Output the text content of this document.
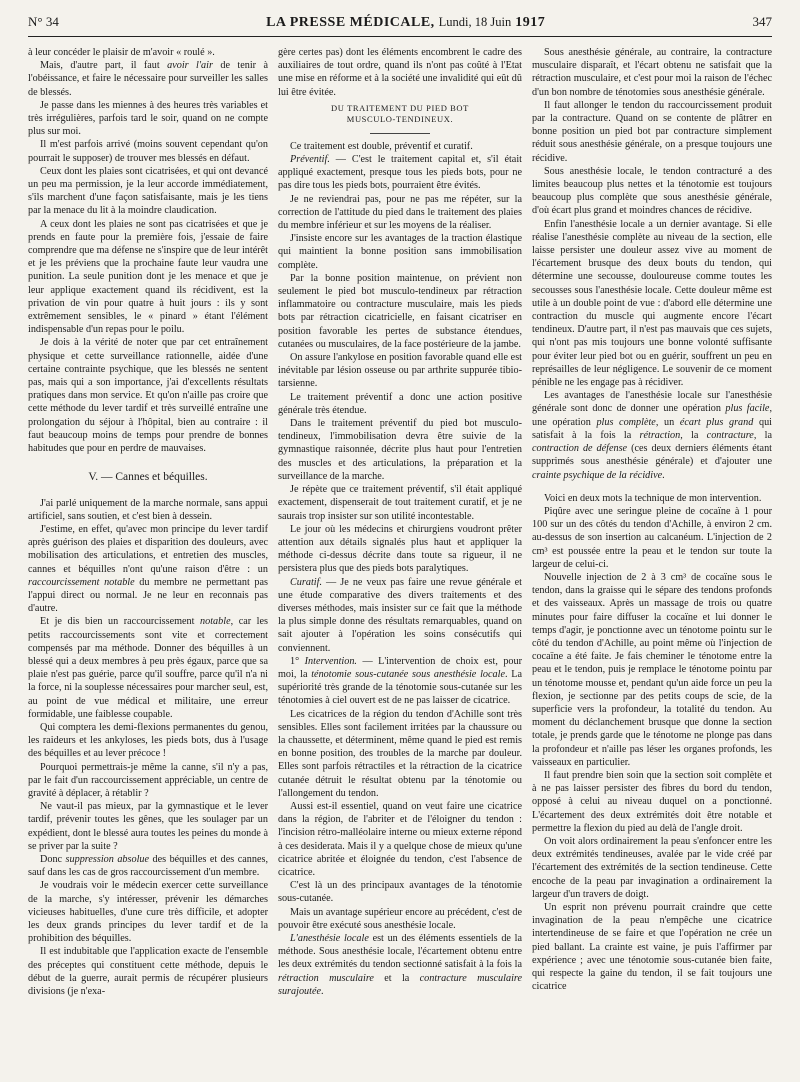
N° 34	LA PRESSE MÉDICALE, Lundi, 18 Juin 1917	347

à leur concéder le plaisir de m'avoir « roulé ».

Mais, d'autre part, il faut avoir l'air de tenir à l'obéissance, et faire le nécessaire pour surveiller les salles de blessés.

Je passe dans les miennes à des heures très variables et très irrégulières, parfois tard le soir, quand on ne compte plus sur moi.

Il m'est parfois arrivé (moins souvent cependant qu'on pourrait le supposer) de trouver mes blessés en défaut.

Ceux dont les plaies sont cicatrisées, et qui ont devancé un peu ma permission, je la leur accorde immédiatement, s'ils marchent d'une façon satisfaisante, mais je les tiens par la menace du lit à la moindre claudication.

A ceux dont les plaies ne sont pas cicatrisées et que je prends en faute pour la première fois, j'essaie de faire comprendre que ma défense ne s'inspire que de leur intérêt et je les préviens que la prochaine faute leur vaudra une punition. La seule punition dont je les menace et que je leur applique exactement quand ils récidivent, est la privation de vin pour quatre à huit jours : ils y sont extrêmement sensibles, le « pinard » étant l'élément indispensable d'un repas pour le poilu.

Je dois à la vérité de noter que par cet entraînement physique et cette surveillance rationnelle, aidée d'une certaine contrainte psychique, que les blessés ne sentent pas, mais qui a son importance, j'ai d'excellents résultats pratiques dans mon service. Et qu'on n'aille pas croire que cette méthode du lever tardif et très surveillé entraîne une prolongation du séjour à l'hôpital, bien au contraire : il faut beaucoup moins de temps pour prendre de bonnes habitudes que pour en perdre de mauvaises.

V. — Cannes et béquilles.

J'ai parlé uniquement de la marche normale, sans appui artificiel, sans soutien, et c'est bien à dessein.

J'estime, en effet, qu'avec mon principe du lever tardif après guérison des plaies et disparition des douleurs, avec mobilisation des articulations, et entretien des muscles, cannes et béquilles n'ont qu'une raison d'être : un raccourcissement notable du membre ne permettant pas l'appui direct ou normal. Je ne leur en reconnais pas d'autre.

Et je dis bien un raccourcissement notable, car les petits raccourcissements sont vite et correctement compensés par ma méthode. Donner des béquilles à un blessé qui a deux membres à peu près égaux, parce que sa plaie n'est pas guérie, parce qu'il souffre, parce qu'il n'a ni la force, ni la souplesse nécessaires pour marcher seul, est, au point de vue médical et militaire, une erreur formidable, une faiblesse coupable.

Qui comptera les demi-flexions permanentes du genou, les raideurs et les ankyloses, les pieds bots, dus à l'usage des béquilles et au lever précoce !

Pourquoi permettrais-je même la canne, s'il n'y a pas, par le fait d'un raccourcissement appréciable, un centre de gravité à déplacer, à rétablir ?

Ne vaut-il pas mieux, par la gymnastique et le lever tardif, prévenir toutes les gênes, que les soulager par un expédient, dont le blessé aura toutes les peines du monde à se priver par la suite ?

Donc suppression absolue des béquilles et des cannes, sauf dans les cas de gros raccourcissement d'un membre.

Je voudrais voir le médecin exercer cette surveillance de la marche, s'y intéresser, prévenir les démarches vicieuses habituelles, d'une cure très difficile, et adopter les deux grands principes du lever tardif et de la prohibition des béquilles.

Il est indubitable que l'application exacte de l'ensemble des préceptes qui constituent cette méthode, depuis le début de la guerre, aurait permis de récupérer plusieurs divisions (je n'exa-

gère certes pas) dont les éléments encombrent le cadre des auxiliaires de tout ordre, quand ils n'ont pas coûté à l'Etat une mise en réforme et à la société une invalidité qui eût dû lui être évitée.

DU TRAITEMENT DU PIED BOT
MUSCULO-TENDINEUX.

Ce traitement est double, préventif et curatif.

Préventif. — C'est le traitement capital et, s'il était appliqué exactement, presque tous les pieds bots, pour ne pas dire tous les pieds bots, pourraient être évités.

Je ne reviendrai pas, pour ne pas me répéter, sur la correction de l'attitude du pied dans le traitement des plaies du membre inférieur et sur les moyens de la réaliser.

J'insiste encore sur les avantages de la traction élastique qui maintient la bonne position sans immobilisation complète.

Par la bonne position maintenue, on prévient non seulement le pied bot musculo-tendineux par rétraction inflammatoire ou contracture musculaire, mais les pieds bots par rétraction cicatricielle, en faisant cicatriser en position favorable les pertes de substance étendues, cutanées ou musculaires, de la face postérieure de la jambe.

On assure l'ankylose en position favorable quand elle est inévitable par lésion osseuse ou par arthrite suppurée tibio-tarsienne.

Le traitement préventif a donc une action positive générale très étendue.

Dans le traitement préventif du pied bot musculo-tendineux, l'immobilisation devra être suivie de la gymnastique raisonnée, décrite plus haut pour l'entretien des muscles et des articulations, la préparation et la surveillance de la marche.

Je répète que ce traitement préventif, s'il était appliqué exactement, dispenserait de tout traitement curatif, et je ne saurais trop insister sur son utilité incontestable.

Le jour où les médecins et chirurgiens voudront prêter attention aux détails signalés plus haut et appliquer la méthode ci-dessus décrite dans toute sa rigueur, il ne persistera plus que des pieds bots paralytiques.

Curatif. — Je ne veux pas faire une revue générale et une étude comparative des divers traitements et des diverses méthodes, mais insister sur ce fait que la méthode la plus simple donne des résultats remarquables, quand on sait ajouter à l'opération les soins consécutifs qui conviennent.

1° Intervention. — L'intervention de choix est, pour moi, la ténotomie sous-cutanée sous anesthésie locale. La supériorité très grande de la ténotomie sous-cutanée sur les ténotomies à ciel ouvert est de ne pas laisser de cicatrice.

Les cicatrices de la région du tendon d'Achille sont très sensibles. Elles sont facilement irritées par la chaussure ou la chaussette, et déterminent, même quand le pied est remis en bonne position, des troubles de la marche par douleur. Elles sont parfois rétractiles et la rétraction de la cicatrice cutanée détruit le résultat obtenu par la ténotomie ou l'allongement du tendon.

Aussi est-il essentiel, quand on veut faire une cicatrice dans la région, de l'abriter et de l'éloigner du tendon : l'incision rétro-malléolaire interne ou mieux externe répond à ces desiderata. Mais il y a quelque chose de mieux qu'une cicatrice abritée et éloignée du tendon, c'est l'absence de cicatrice.

C'est là un des principaux avantages de la ténotomie sous-cutanée.

Mais un avantage supérieur encore au précédent, c'est de pouvoir être exécuté sous anesthésie locale.

L'anesthésie locale est un des éléments essentiels de la méthode. Sous anesthésie locale, l'écartement obtenu entre les deux extrémités du tendon sectionné satisfait à la fois la rétraction musculaire et la contracture musculaire surajoutée.

Sous anesthésie générale, au contraire, la contracture musculaire disparaît, et l'écart obtenu ne satisfait que la rétraction musculaire, et c'est pour moi la raison de l'échec d'un bon nombre de ténotomies sous anesthésie générale.

Il faut allonger le tendon du raccourcissement produit par la contracture. Quand on se contente de plâtrer en bonne position un pied bot par contracture simplement réduit sous anesthésie générale, on a presque toujours une récidive.

Sous anesthésie locale, le tendon contracturé a des limites beaucoup plus nettes et la ténotomie est toujours beaucoup plus complète que sous anesthésie générale, d'où écart plus grand et moindres chances de récidive.

Enfin l'anesthésie locale a un dernier avantage. Si elle réalise l'anesthésie complète au niveau de la section, elle laisse persister une douleur assez vive au moment de l'écartement brusque des deux bouts du tendon, qui détermine une secousse, douloureuse comme toutes les secousses sous l'anesthésie locale. Cette douleur même est utile à un double point de vue : d'abord elle détermine une contraction du muscle qui augmente encore l'écart tendineux. D'autre part, il n'est pas mauvais que ces sujets, qui n'ont pas mis toujours une bonne volonté suffisante pour éviter leur pied bot ou en guérir, souffrent un peu en représailles de leur négligence. Le souvenir de ce moment pénible ne les engage pas à récidiver.

Les avantages de l'anesthésie locale sur l'anesthésie générale sont donc de donner une opération plus facile, une opération plus complète, un écart plus grand qui satisfait à la fois la rétraction, la contracture, la contraction de défense (ces deux derniers éléments étant supprimés sous anesthésie générale) et d'ajouter une crainte psychique de la récidive.

Voici en deux mots la technique de mon intervention.

Piqûre avec une seringue pleine de cocaïne à 1 pour 100 sur un des côtés du tendon d'Achille, à environ 2 cm. au-dessus de son insertion au calcanéum. L'injection de 2 cm³ est poussée entre la peau et le tendon sur toute la largeur de celui-ci.

Nouvelle injection de 2 à 3 cm³ de cocaïne sous le tendon, dans la graisse qui le sépare des tendons profonds et des vaisseaux. Après un massage de trois ou quatre minutes pour faire diffuser la cocaïne et lui donner le temps d'agir, je ponctionne avec un ténotome pointu sur le côté du tendon d'Achille, au point même où l'injection de cocaïne a été faite. Je fais cheminer le ténotome entre la peau et le tendon, puis je remplace le ténotome pointu par un ténotome mousse et, pendant qu'un aide force un peu la flexion, je sectionne par des petits coups de scie, de la superficie vers la profondeur, la totalité du tendon. Au moment du déclanchement brusque que donne la section totale, je prends garde que le ténotome ne plonge pas dans la profondeur et n'aille pas léser les organes profonds, les vaisseaux en particulier.

Il faut prendre bien soin que la section soit complète et à ne pas laisser persister des fibres du bord du tendon, opposé à celui au niveau duquel on a ponctionné. L'écartement des deux extrémités doit être notable et permettre la flexion du pied au delà de l'angle droit.

On voit alors ordinairement la peau s'enfoncer entre les deux extrémités tendineuses, avalée par le vide créé par l'écartement des extrémités de la section tendineuse. Cette encoche de la peau par invagination a ordinairement la largeur d'un travers de doigt.

Un esprit non prévenu pourrait craindre que cette invagination de la peau n'empêche une cicatrice intertendineuse de se faire et que l'opération ne crée un pied ballant. La crainte est vaine, je puis l'affirmer par expérience ; avec une ténotomie sous-cutanée bien faite, qui respecte la gaine du tendon, il se fait toujours une cicatrice
